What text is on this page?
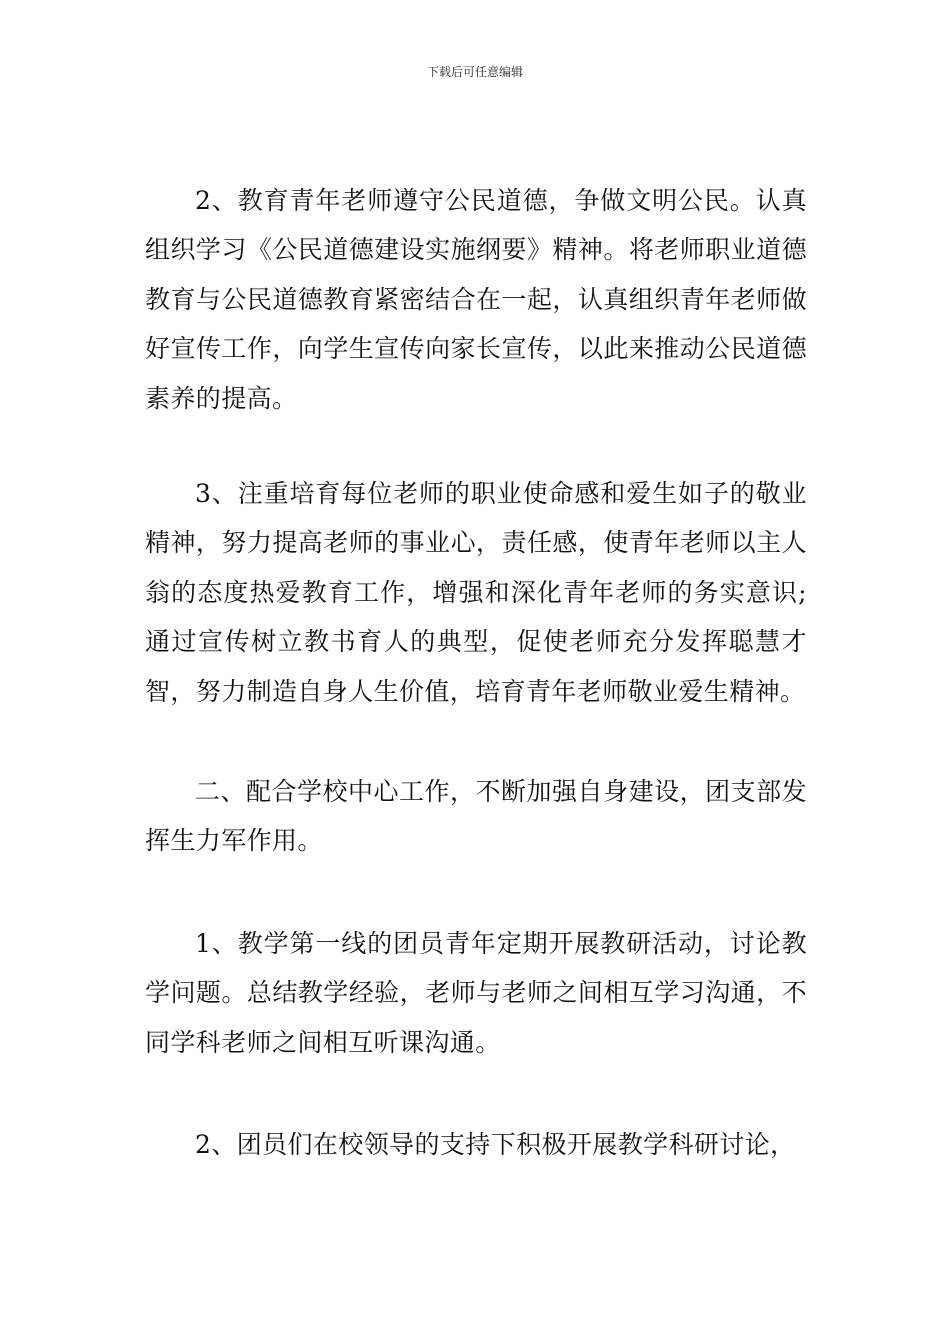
下载后可任意编辑

2、教育青年老师遵守公民道德，争做文明公民。认真组织学习《公民道德建设实施纲要》精神。将老师职业道德教育与公民道德教育紧密结合在一起，认真组织青年老师做好宣传工作，向学生宣传向家长宣传，以此来推动公民道德素养的提高。

3、注重培育每位老师的职业使命感和爱生如子的敬业精神，努力提高老师的事业心，责任感，使青年老师以主人翁的态度热爱教育工作，增强和深化青年老师的务实意识;通过宣传树立教书育人的典型，促使老师充分发挥聪慧才智，努力制造自身人生价值，培育青年老师敬业爱生精神。

二、配合学校中心工作，不断加强自身建设，团支部发挥生力军作用。

1、教学第一线的团员青年定期开展教研活动，讨论教学问题。总结教学经验，老师与老师之间相互学习沟通，不同学科老师之间相互听课沟通。

2、团员们在校领导的支持下积极开展教学科研讨论，
